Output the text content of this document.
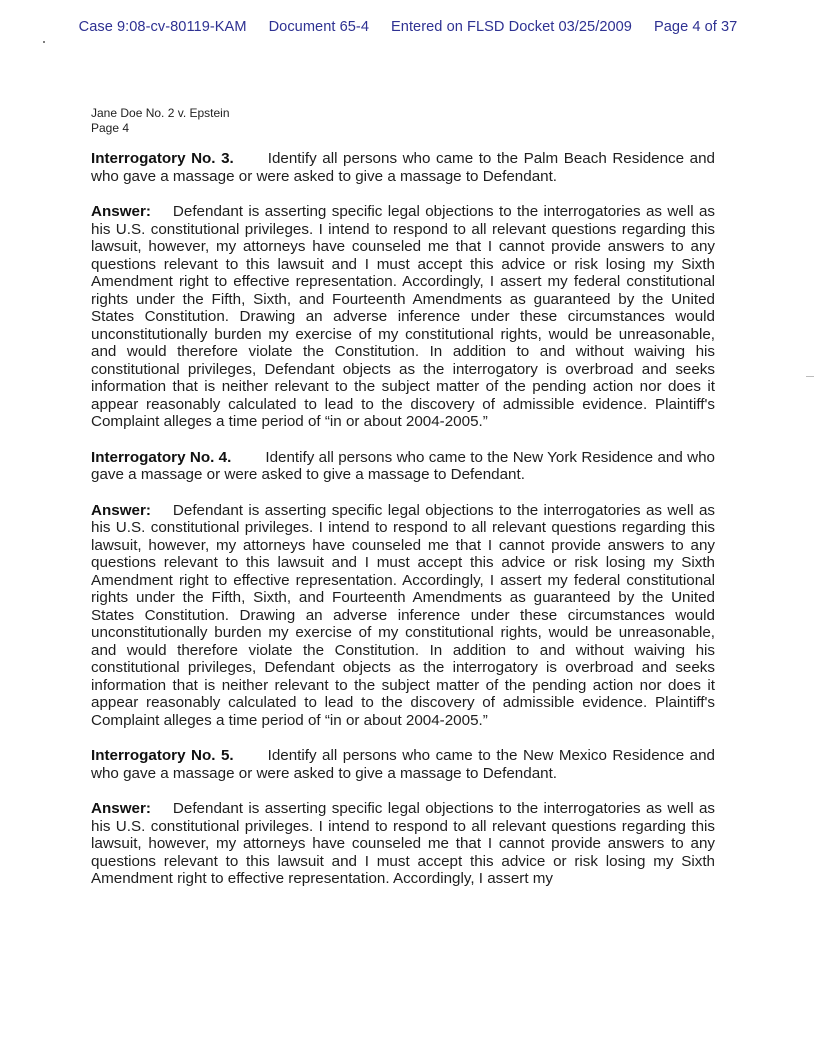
Case 9:08-cv-80119-KAM Document 65-4 Entered on FLSD Docket 03/25/2009 Page 4 of 37
Jane Doe No. 2 v. Epstein
Page 4

Interrogatory No. 3. Identify all persons who came to the Palm Beach Residence and who gave a massage or were asked to give a massage to Defendant.

Answer: Defendant is asserting specific legal objections to the interrogatories as well as his U.S. constitutional privileges. I intend to respond to all relevant questions regarding this lawsuit, however, my attorneys have counseled me that I cannot provide answers to any questions relevant to this lawsuit and I must accept this advice or risk losing my Sixth Amendment right to effective representation. Accordingly, I assert my federal constitutional rights under the Fifth, Sixth, and Fourteenth Amendments as guaranteed by the United States Constitution. Drawing an adverse inference under these circumstances would unconstitutionally burden my exercise of my constitutional rights, would be unreasonable, and would therefore violate the Constitution. In addition to and without waiving his constitutional privileges, Defendant objects as the interrogatory is overbroad and seeks information that is neither relevant to the subject matter of the pending action nor does it appear reasonably calculated to lead to the discovery of admissible evidence. Plaintiff's Complaint alleges a time period of “in or about 2004-2005.”

Interrogatory No. 4. Identify all persons who came to the New York Residence and who gave a massage or were asked to give a massage to Defendant.

Answer: Defendant is asserting specific legal objections to the interrogatories as well as his U.S. constitutional privileges. I intend to respond to all relevant questions regarding this lawsuit, however, my attorneys have counseled me that I cannot provide answers to any questions relevant to this lawsuit and I must accept this advice or risk losing my Sixth Amendment right to effective representation. Accordingly, I assert my federal constitutional rights under the Fifth, Sixth, and Fourteenth Amendments as guaranteed by the United States Constitution. Drawing an adverse inference under these circumstances would unconstitutionally burden my exercise of my constitutional rights, would be unreasonable, and would therefore violate the Constitution. In addition to and without waiving his constitutional privileges, Defendant objects as the interrogatory is overbroad and seeks information that is neither relevant to the subject matter of the pending action nor does it appear reasonably calculated to lead to the discovery of admissible evidence. Plaintiff's Complaint alleges a time period of “in or about 2004-2005.”

Interrogatory No. 5. Identify all persons who came to the New Mexico Residence and who gave a massage or were asked to give a massage to Defendant.

Answer: Defendant is asserting specific legal objections to the interrogatories as well as his U.S. constitutional privileges. I intend to respond to all relevant questions regarding this lawsuit, however, my attorneys have counseled me that I cannot provide answers to any questions relevant to this lawsuit and I must accept this advice or risk losing my Sixth Amendment right to effective representation. Accordingly, I assert my
